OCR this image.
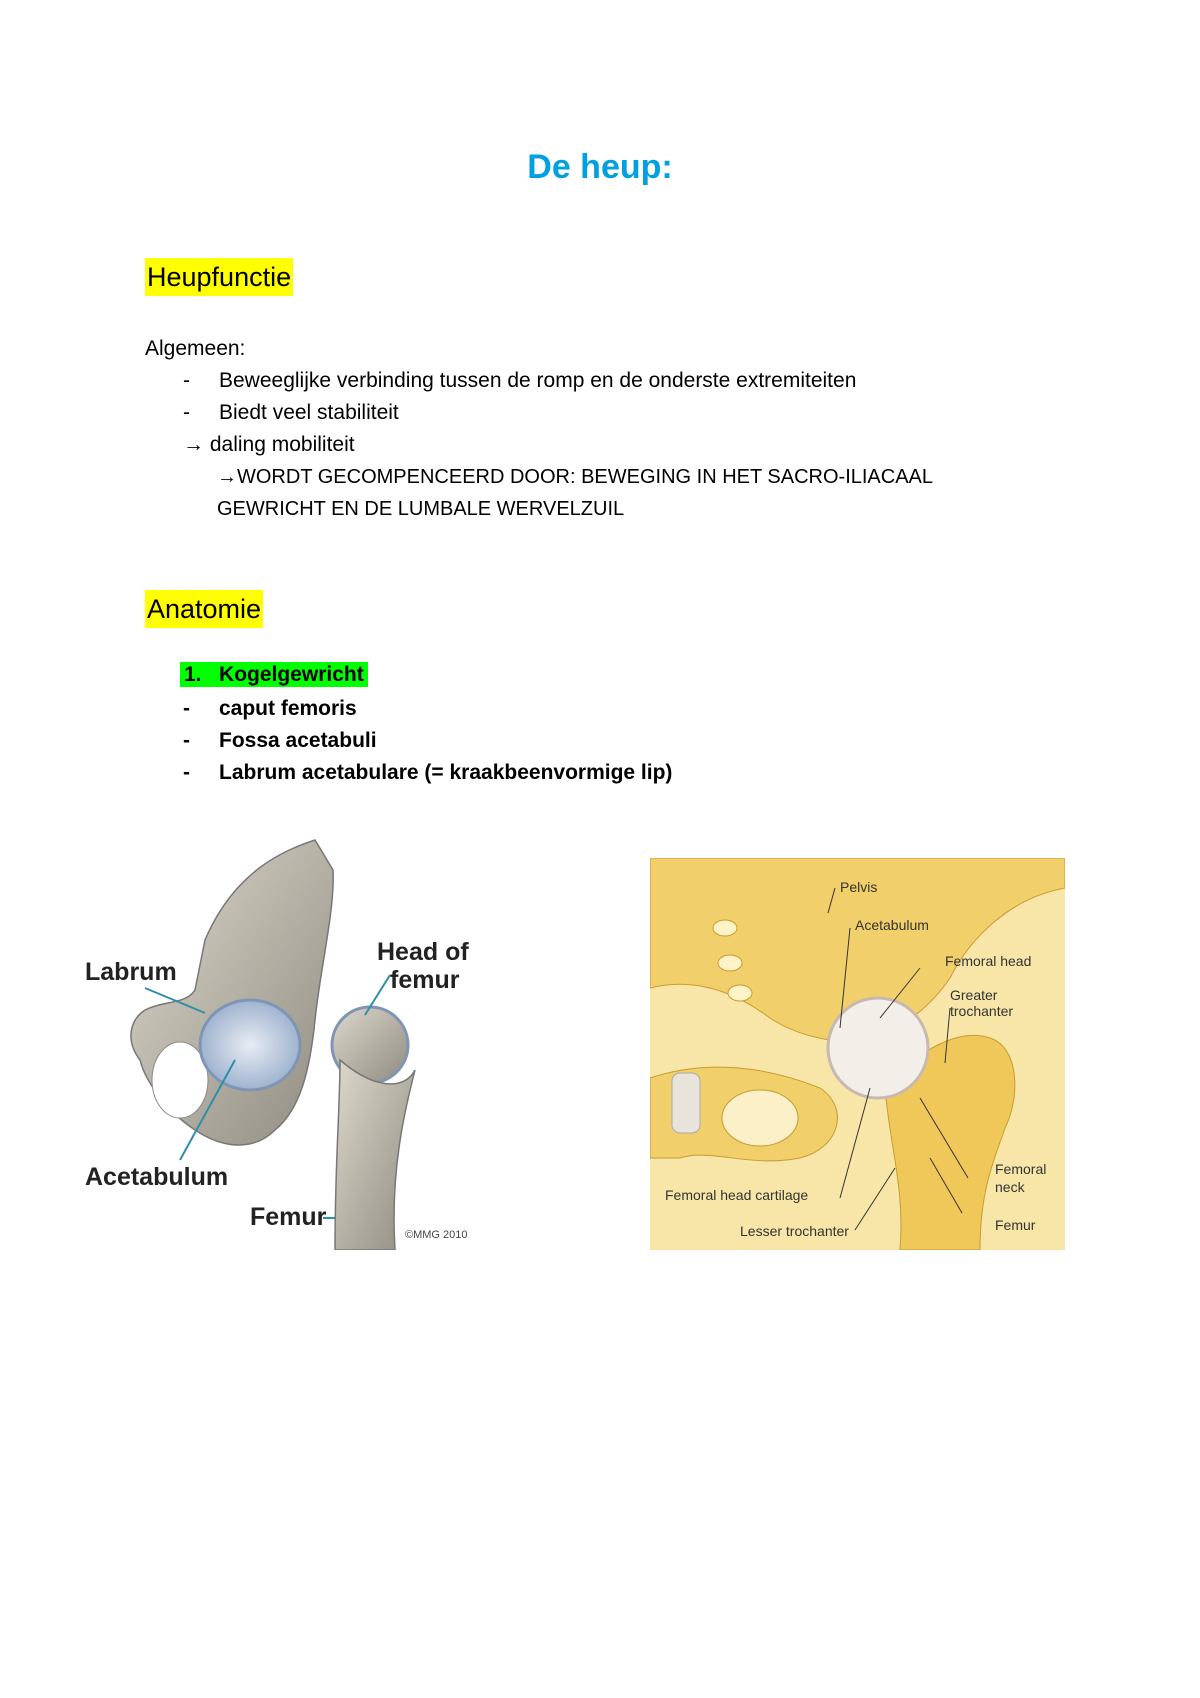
De heup:
Heupfunctie
Algemeen:
- Beweeglijke verbinding tussen de romp en de onderste extremiteiten
- Biedt veel stabiliteit
→ daling mobiliteit
→WORDT GECOMPENCEERD DOOR: BEWEGING IN HET SACRO-ILIACAAL
GEWRICHT EN DE LUMBALE WERVELZUIL
Anatomie
1. Kogelgewricht
- caput femoris
- Fossa acetabuli
- Labrum acetabulare (= kraakbeenvormige lip)
Labrum
Head of
femur
Acetabulum
Femur
©MMG 2010
Pelvis
Acetabulum
Femoral head
Greater
trochanter
Femoral
neck
Femoral head cartilage
Lesser trochanter	Femur
